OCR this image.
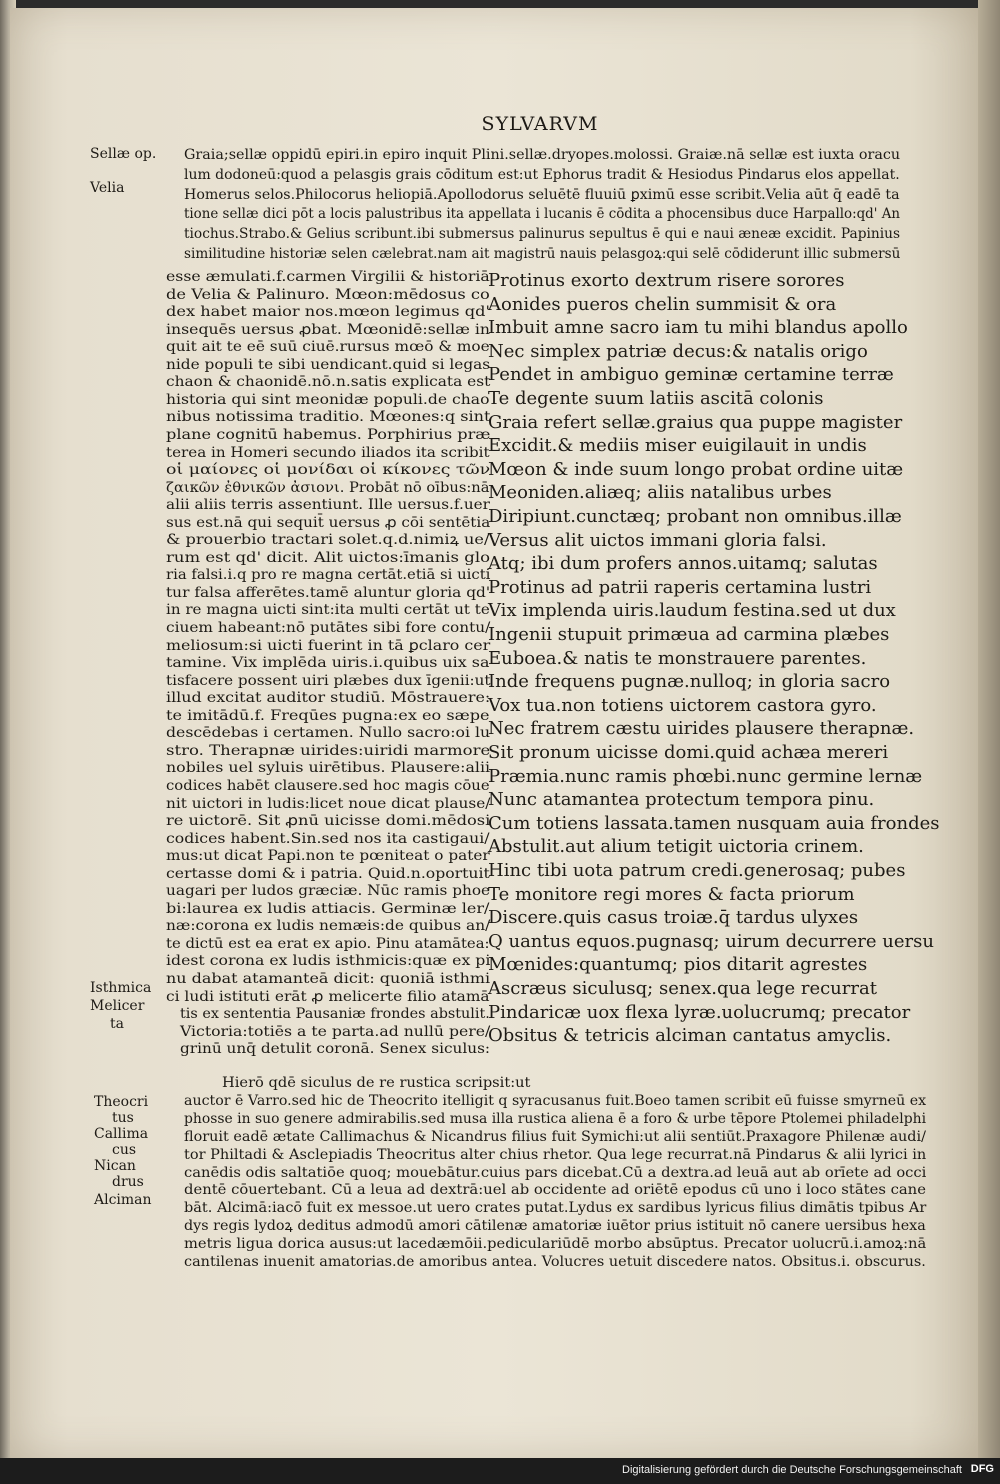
SYLVARVM
Sellæ op.
Velia
Isthmica
Melicer
ta
Theocri
tus
Callima
cus
Nican
drus
Alciman
Graia;sellæ oppidū epiri.in epiro inquit Plini.sellæ.dryopes.molossi. Graiæ.nā sellæ est iuxta oracu
lum dodoneū:quod a pelasgis grais cōditum est:ut Ephorus tradit & Hesiodus Pindarus elos appellat.
Homerus selos.Philocorus heliopiā.Apollodorus seluētē fluuiū ꝑximū esse scribit.Velia aūt q̄ eadē ta
tione sellæ dici pōt a locis palustribus ita appellata i lucanis ē cōdita a phocensibus duce Harpallo:qd' An
tiochus.Strabo.& Gelius scribunt.ibi submersus palinurus sepultus ē qui e naui æneæ excidit. Papinius
similitudine historiæ selen cælebrat.nam ait magistrū nauis pelasgoꝝ:qui selē cōdiderunt illic submersū
esse æmulati.f.carmen Virgilii & historiā
de Velia & Palinuro. Mœon:mēdosus co
dex habet maior nos.mœon legimus qd'
insequēs uersus ꝓbat. Mœonidē:sellæ in
quit ait te eē suū ciuē.rursus mœō & moe
nide populi te sibi uendicant.quid si legas
chaon & chaonidē.nō.n.satis explicata est
historia qui sint meonidæ populi.de chao
nibus notissima traditio. Mœones:q sint
plane cognitū habemus. Porphirius præ
terea in Homeri secundo iliados ita scribit
οἱ μαίονες οἱ μονίδαι οἱ κίκονες τῶν
ζαικῶν ἐθνικῶν ἀσιονι. Probāt nō oībus:nā
alii aliis terris assentiunt. Ille uersus.f.uer
sus est.nā qui sequit̄ uersus ꝓ cōi sentētia
& prouerbio tractari solet.q.d.nimiꝝ ue/
rum est qd' dicit. Alit uictos:īmanis glo
ria falsi.i.q pro re magna certāt.etiā si uicti
tur falsa afferētes.tamē aluntur gloria qd'
in re magna uicti sint:ita multi certāt ut te
ciuem habeant:nō putātes sibi fore contu/
meliosum:si uicti fuerint in tā ꝑclaro cer
tamine. Vix implēda uiris.i.quibus uix sa
tisfacere possent uiri plæbes dux īgenii:ut
illud excitat auditor studiū. Mōstrauere:
te imitādū.f. Freqūes pugna:ex eo sæpe
descēdebas i certamen. Nullo sacro:oi lu
stro. Therapnæ uirides:uiridi marmore
nobiles uel syluis uirētibus. Plausere:alii
codices habēt clausere.sed hoc magis cōue
nit uictori in ludis:licet noue dicat plause/
re uictorē. Sit ꝓnū uicisse domi.mēdosi
codices habent.Sin.sed nos ita castigaui/
mus:ut dicat Papi.non te pœniteat o pater
certasse domi & i patria. Quid.n.oportuit
uagari per ludos græciæ. Nūc ramis phoe
bi:laurea ex ludis attiacis. Germinæ ler/
næ:corona ex ludis nemæis:de quibus an/
te dictū est ea erat ex apio. Pinu atamātea:
idest corona ex ludis isthmicis:quæ ex pi
nu dabat atamanteā dicit: quoniā isthmi
ci ludi istituti erāt ꝓ melicerte filio atamā
tis ex sententia Pausaniæ frondes abstulit.
Victoria:totiēs a te parta.ad nullū pere/
grinū unq̄ detulit coronā. Senex siculus:
Protinus exorto dextrum risere sorores
Aonides pueros chelin summisit & ora
Imbuit amne sacro iam tu mihi blandus apollo
Nec simplex patriæ decus:& natalis origo
Pendet in ambiguo geminæ certamine terræ
Te degente suum latiis ascitā colonis
Graia refert sellæ.graius qua puppe magister
Excidit.& mediis miser euigilauit in undis
Mœon & inde suum longo probat ordine uitæ
Meoniden.aliæq; aliis natalibus urbes
Diripiunt.cunctæq; probant non omnibus.illæ
Versus alit uictos immani gloria falsi.
Atq; ibi dum profers annos.uitamq; salutas
Protinus ad patrii raperis certamina lustri
Vix implenda uiris.laudum festina.sed ut dux
Ingenii stupuit primæua ad carmina plæbes
Euboea.& natis te monstrauere parentes.
Inde frequens pugnæ.nulloq; in gloria sacro
Vox tua.non totiens uictorem castora gyro.
Nec fratrem cæstu uirides plausere therapnæ.
Sit pronum uicisse domi.quid achæa mereri
Præmia.nunc ramis phœbi.nunc germine lernæ
Nunc atamantea protectum tempora pinu.
Cum totiens lassata.tamen nusquam auia frondes
Abstulit.aut alium tetigit uictoria crinem.
Hinc tibi uota patrum credi.generosaq; pubes
Te monitore regi mores & facta priorum
Discere.quis casus troiæ.q̄ tardus ulyxes
Q uantus equos.pugnasq; uirum decurrere uersu
Mœnides:quantumq; pios ditarit agrestes
Ascræus siculusq; senex.qua lege recurrat
Pindaricæ uox flexa lyræ.uolucrumq; precator
Obsitus & tetricis alciman cantatus amyclis.
Hierō qdē siculus de re rustica scripsit:ut
auctor ē Varro.sed hic de Theocrito itelligit q syracusanus fuit.Boeo tamen scribit eū fuisse smyrneū ex
phosse in suo genere admirabilis.sed musa illa rustica aliena ē a foro & urbe tēpore Ptolemei philadelphi
floruit eadē ætate Callimachus & Nicandrus filius fuit Symichi:ut alii sentiūt.Praxagore Philenæ audi/
tor Philtadi & Asclepiadis Theocritus alter chius rhetor. Qua lege recurrat.nā Pindarus & alii lyrici in
canēdis odis saltatiōe quoq; mouebātur.cuius pars dicebat.Cū a dextra.ad leuā aut ab orīete ad occi
dentē cōuertebant. Cū a leua ad dextrā:uel ab occidente ad oriētē epodus cū uno i loco stātes cane
bāt. Alcimā:iacō fuit ex messoe.ut uero crates putat.Lydus ex sardibus lyricus filius dimātis tpibus Ar
dys regis lydoꝝ deditus admodū amori cātilenæ amatoriæ iuētor prius istituit nō canere uersibus hexa
metris ligua dorica ausus:ut lacedæmōii.pediculariūdē morbo absūptus. Precator uolucrū.i.amoꝝ:nā
cantilenas inuenit amatorias.de amoribus antea. Volucres uetuit discedere natos. Obsitus.i. obscurus.
Digitalisierung gefördert durch die Deutsche Forschungsgemeinschaft DFG
